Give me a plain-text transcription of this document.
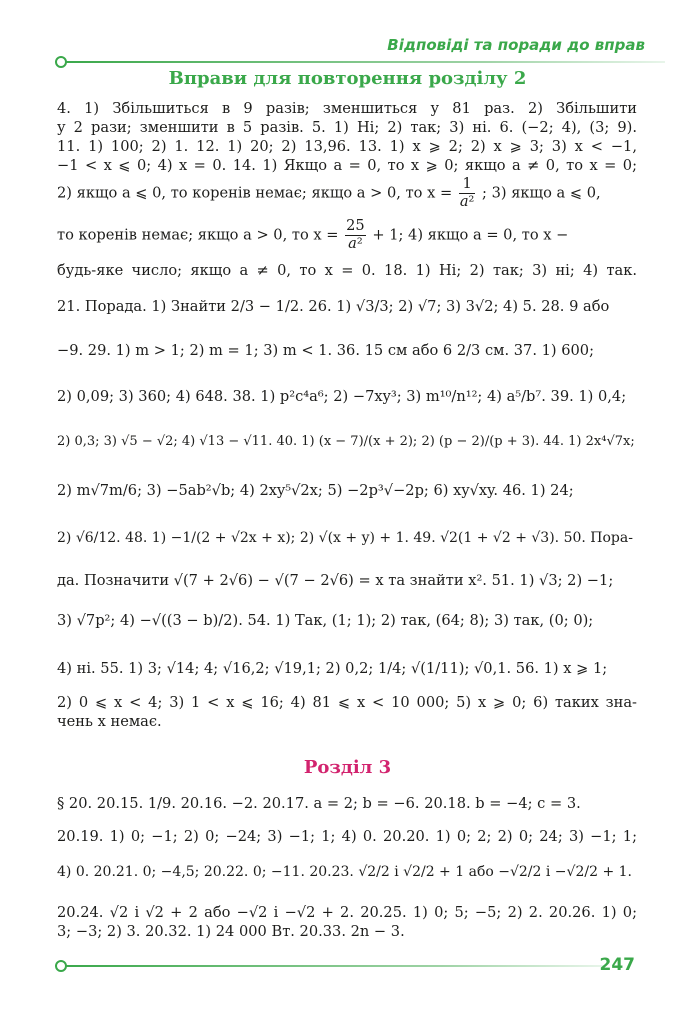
Відповіді та поради до вправ
Вправи для повторення розділу 2
4. 1) Збільшиться в 9 разів; зменшиться у 81 раз. 2) Збільшити
у 2 рази; зменшити в 5 разів. 5. 1) Ні; 2) так; 3) ні. 6. (−2; 4), (3; 9).
11. 1) 100; 2) 1. 12. 1) 20; 2) 13,96. 13. 1) x ⩾ 2; 2) x ⩾ 3; 3) x < −1,
−1 < x ⩽ 0; 4) x = 0. 14. 1) Якщо a = 0, то x ⩾ 0; якщо a ≠ 0, то x = 0;
2) якщо a ⩽ 0, то коренів немає; якщо a > 0, то $x = \frac{1}{\text{a²}}$ ; 3) якщо a ⩽ 0,
то коренів немає; якщо a > 0, то $x = \frac{25}{\text{a²}} + 1$; 4) якщо a = 0, то x −
будь-яке число; якщо a ≠ 0, то x = 0. 18. 1) Ні; 2) так; 3) ні; 4) так.
21. Порада. 1) Знайти 2/3 − 1/2. 26. 1) √3/3; 2) √7; 3) 3√2; 4) 5. 28. 9 або
−9. 29. 1) m > 1; 2) m = 1; 3) m < 1. 36. 15 см або 6 2/3 см. 37. 1) 600;
2) 0,09; 3) 360; 4) 648. 38. 1) p²c⁴a⁶; 2) −7xy³; 3) m¹⁰/n¹²; 4) a⁵/b⁷. 39. 1) 0,4;
2) 0,3; 3) √5 − √2; 4) √13 − √11. 40. 1) (x − 7)/(x + 2); 2) (p − 2)/(p + 3). 44. 1) 2x⁴√7x;
2) m√7m/6; 3) −5ab²√b; 4) 2xy⁵√2x; 5) −2p³√−2p; 6) xy√xy. 46. 1) 24;
2) √6/12. 48. 1) −1/(2 + √2x + x); 2) √(x + y) + 1. 49. √2(1 + √2 + √3). 50. Пора-
да. Позначити √(7 + 2√6) − √(7 − 2√6) = x та знайти x². 51. 1) √3; 2) −1;
3) √7p²; 4) −√((3 − b)/2). 54. 1) Так, (1; 1); 2) так, (64; 8); 3) так, (0; 0);
4) ні. 55. 1) 3; √14; 4; √16,2; √19,1; 2) 0,2; 1/4; √(1/11); √0,1. 56. 1) x ⩾ 1;
2) 0 ⩽ x < 4; 3) 1 < x ⩽ 16; 4) 81 ⩽ x < 10 000; 5) x ⩾ 0; 6) таких зна-
чень x немає.
Розділ 3
§ 20. 20.15. 1/9. 20.16. −2. 20.17. a = 2; b = −6. 20.18. b = −4; c = 3.
20.19. 1) 0; −1; 2) 0; −24; 3) −1; 1; 4) 0. 20.20. 1) 0; 2; 2) 0; 24; 3) −1; 1;
4) 0. 20.21. 0; −4,5; 20.22. 0; −11. 20.23. √2/2 і √2/2 + 1 або −√2/2 і −√2/2 + 1.
20.24. √2 і √2 + 2 або −√2 і −√2 + 2. 20.25. 1) 0; 5; −5; 2) 2. 20.26. 1) 0;
3; −3; 2) 3. 20.32. 1) 24 000 Вт. 20.33. 2n − 3.
247
